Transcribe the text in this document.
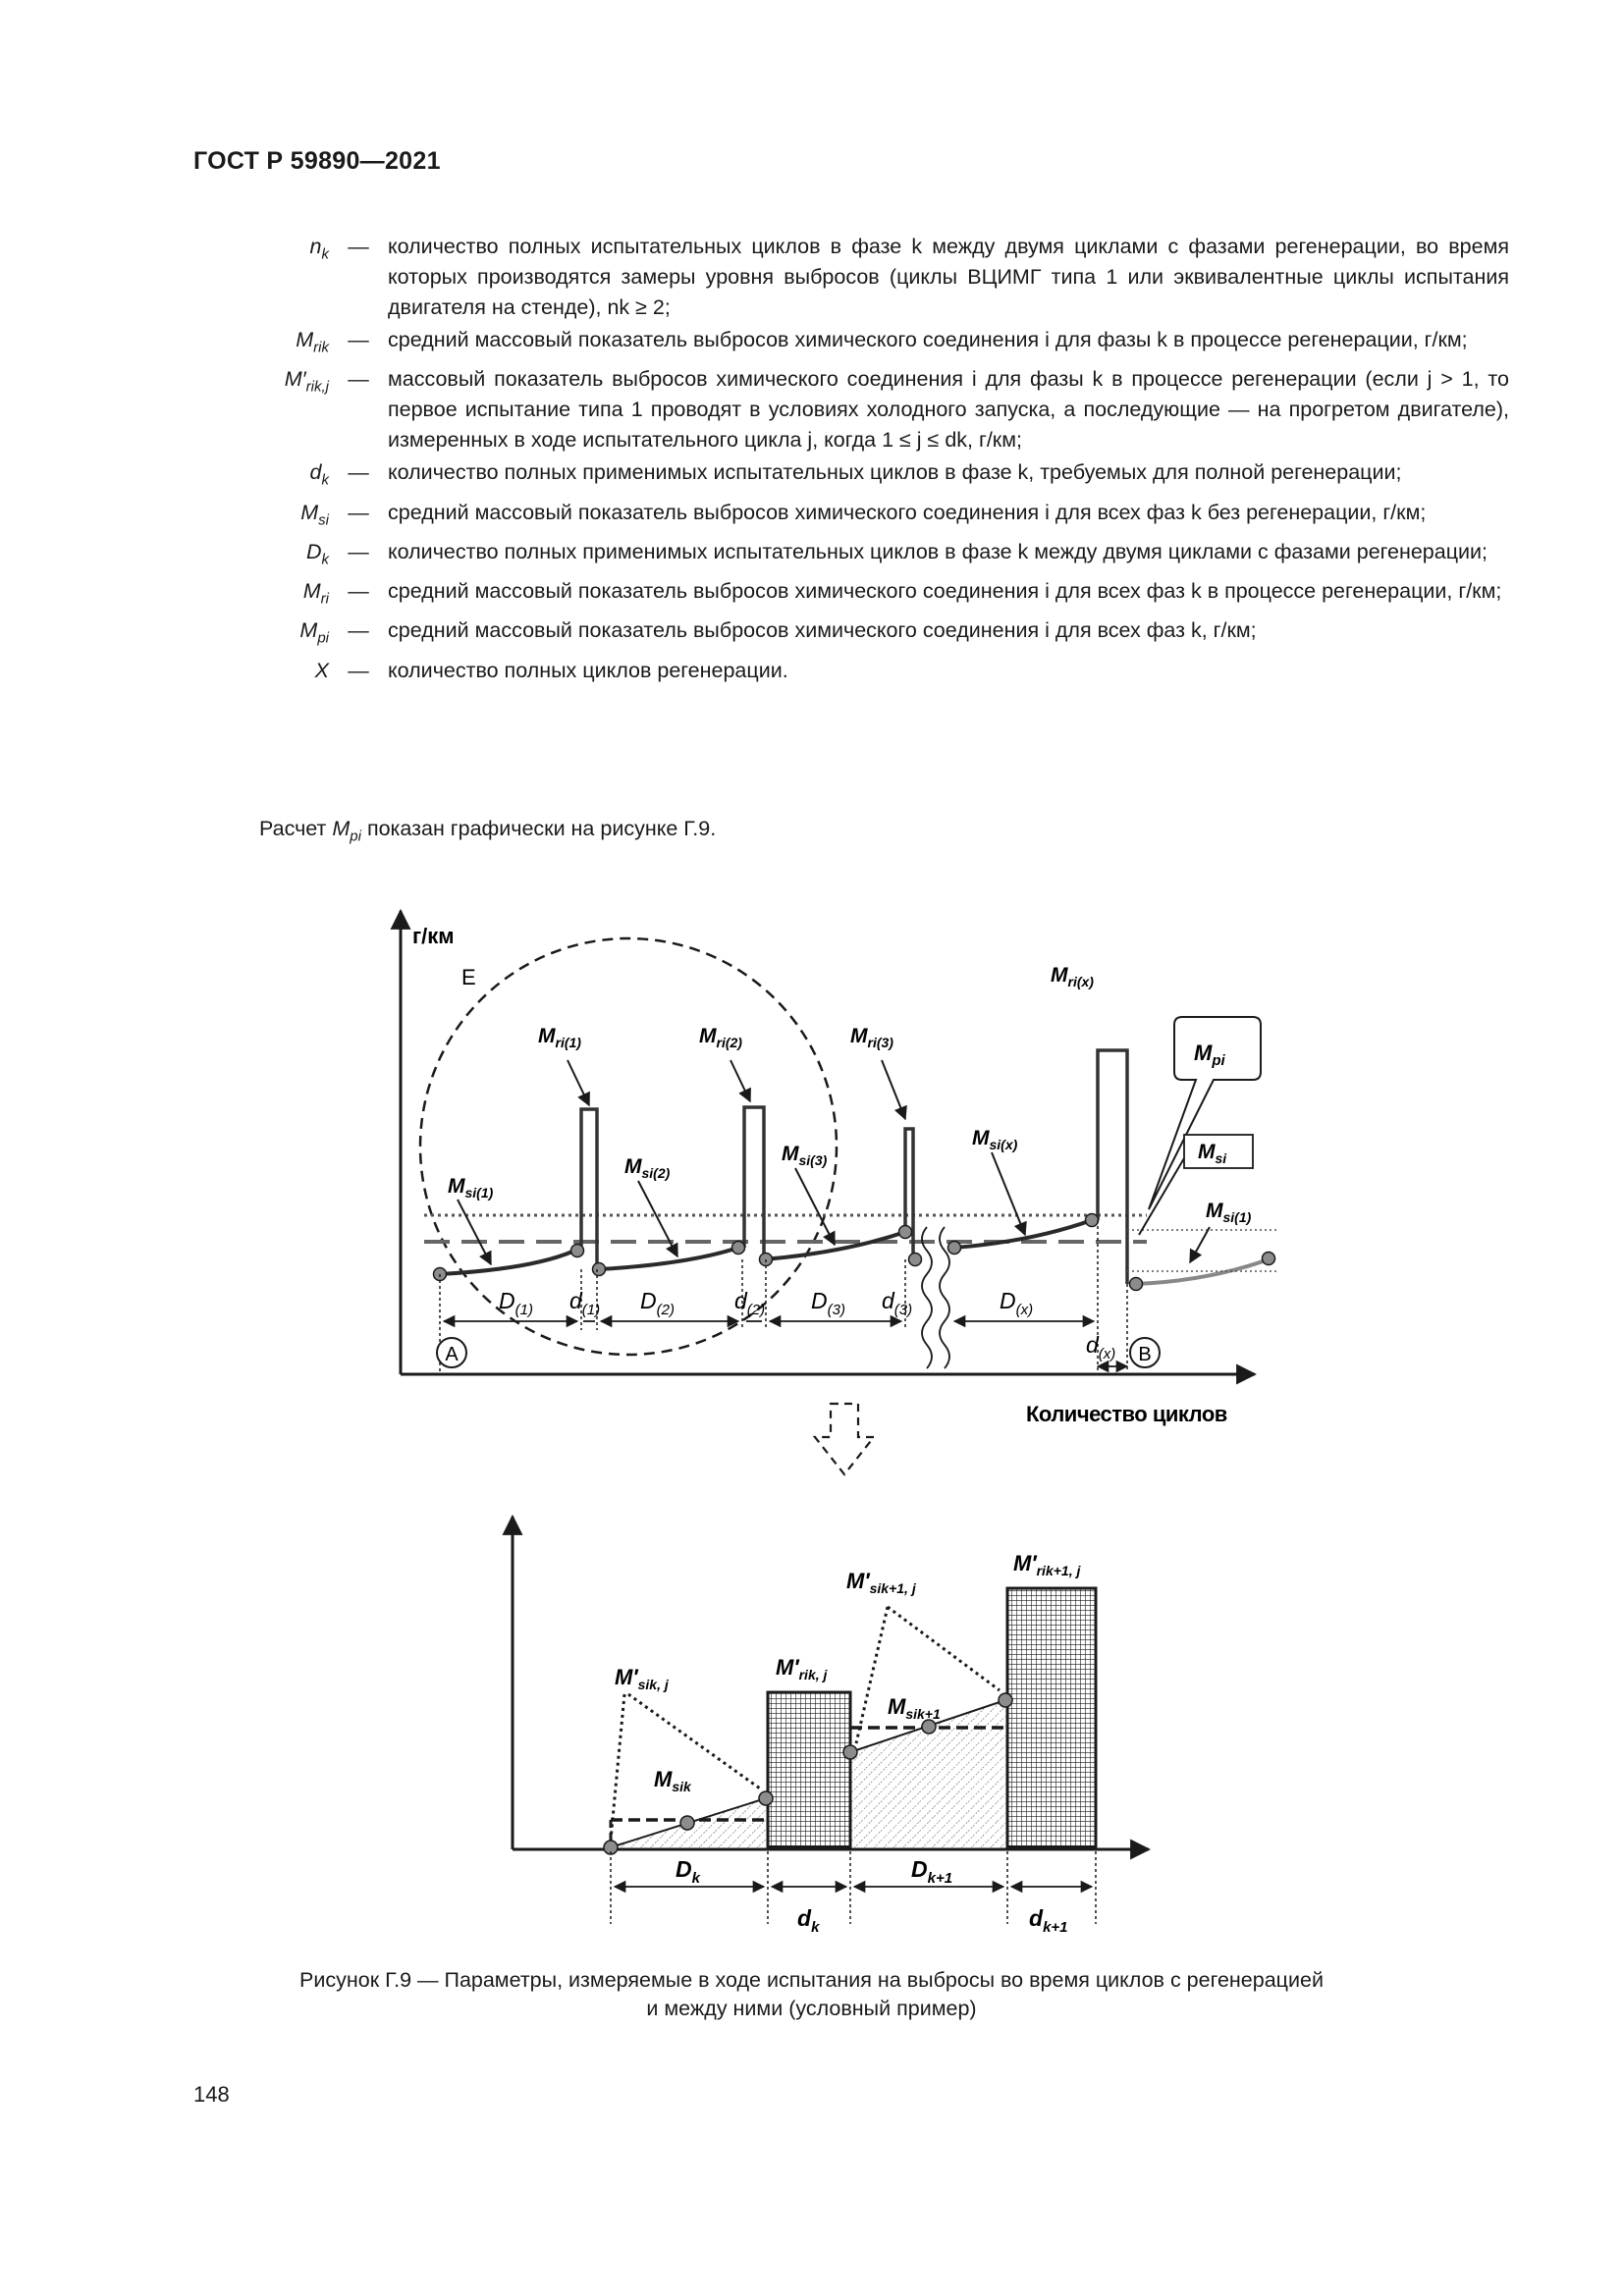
ГОСТ Р 59890—2021
$n_k$ — количество полных испытательных циклов в фазе k между двумя циклами с фазами регенерации, во время которых производятся замеры уровня выбросов (циклы ВЦИМГ типа 1 или эквивалентные циклы испытания двигателя на стенде), nk ≥ 2;
$M_{rik}$ — средний массовый показатель выбросов химического соединения i для фазы k в процессе регенерации, г/км;
$M'_{rik,j}$ — массовый показатель выбросов химического соединения i для фазы k в процессе регенерации (если j > 1, то первое испытание типа 1 проводят в условиях холодного запуска, а последующие — на прогретом двигателе), измеренных в ходе испытательного цикла j, когда 1 ≤ j ≤ dk, г/км;
$d_k$ — количество полных применимых испытательных циклов в фазе k, требуемых для полной регенерации;
$M_{si}$ — средний массовый показатель выбросов химического соединения i для всех фаз k без регенерации, г/км;
$D_k$ — количество полных применимых испытательных циклов в фазе k между двумя циклами с фазами регенерации;
$M_{ri}$ — средний массовый показатель выбросов химического соединения i для всех фаз k в процессе регенерации, г/км;
$M_{pi}$ — средний массовый показатель выбросов химического соединения i для всех фаз k, г/км;
X — количество полных циклов регенерации.
Расчет $M_{pi}$ показан графически на рисунке Г.9.
г/км
E
Количество циклов
$D_{(1)}$ $d_{(1)}$ $D_{(2)}$	$d_{(2)}$ $D_{(3)}$ $d_{(3)}$	$D_{(x)}$
$d_{(x)}$
$M_{ri(1)}$	$M_{ri(2)}$	$M_{ri(3)}$
$M_{ri(x)}$
$M_{si(1)}$
$M_{si(2)}$
$M_{si(3)}$
$M_{si(x)}$
$M_{si(1)}$
$M_{pi}$
$M_{si}$
A	B
$D_k$
$d_k$
$D_{k+1}$
$d_{k+1}$
$M'_{sik, j}$
$M_{sik}$
$M'_{rik, j}$
$M'_{sik+1, j}$
$M_{sik+1}$
$M'_{rik+1, j}$
Рисунок Г.9 — Параметры, измеряемые в ходе испытания на выбросы во время циклов с регенерацией
и между ними (условный пример)
148
